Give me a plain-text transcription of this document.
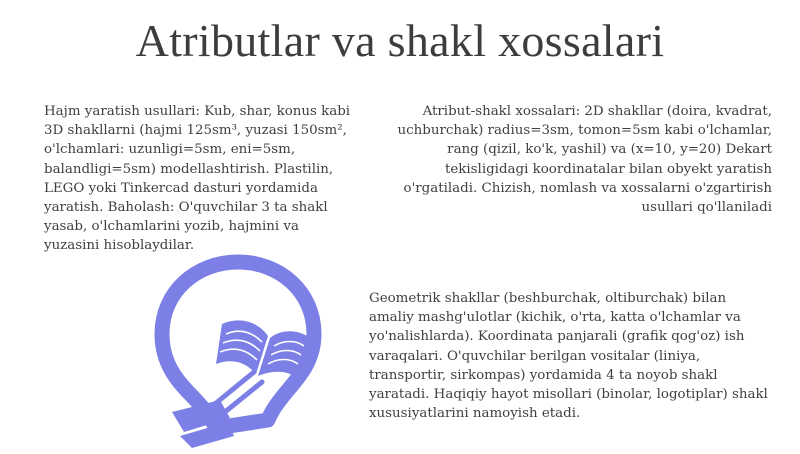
Atributlar va shakl xossalari
Hajm yaratish usullari: Kub, shar, konus kabi 3D shakllarni (hajmi 125sm³, yuzasi 150sm², o'lchamlari: uzunligi=5sm, eni=5sm, balandligi=5sm) modellashtirish. Plastilin, LEGO yoki Tinkercad dasturi yordamida yaratish. Baholash: O'quvchilar 3 ta shakl yasab, o'lchamlarini yozib, hajmini va yuzasini hisoblaydilar.
Atribut-shakl xossalari: 2D shakllar (doira, kvadrat, uchburchak) radius=3sm, tomon=5sm kabi o'lchamlar, rang (qizil, ko'k, yashil) va (x=10, y=20) Dekart tekisligidagi koordinatalar bilan obyekt yaratish o'rgatiladi. Chizish, nomlash va xossalarni o'zgartirish usullari qo'llaniladi
Geometrik shakllar (beshburchak, oltiburchak) bilan amaliy mashg'ulotlar (kichik, o'rta, katta o'lchamlar va yo'nalishlarda). Koordinata panjarali (grafik qog'oz) ish varaqalari. O'quvchilar berilgan vositalar (liniya, transportir, sirkompas) yordamida 4 ta noyob shakl yaratadi. Haqiqiy hayot misollari (binolar, logotiplar) shakl xususiyatlarini namoyish etadi.
